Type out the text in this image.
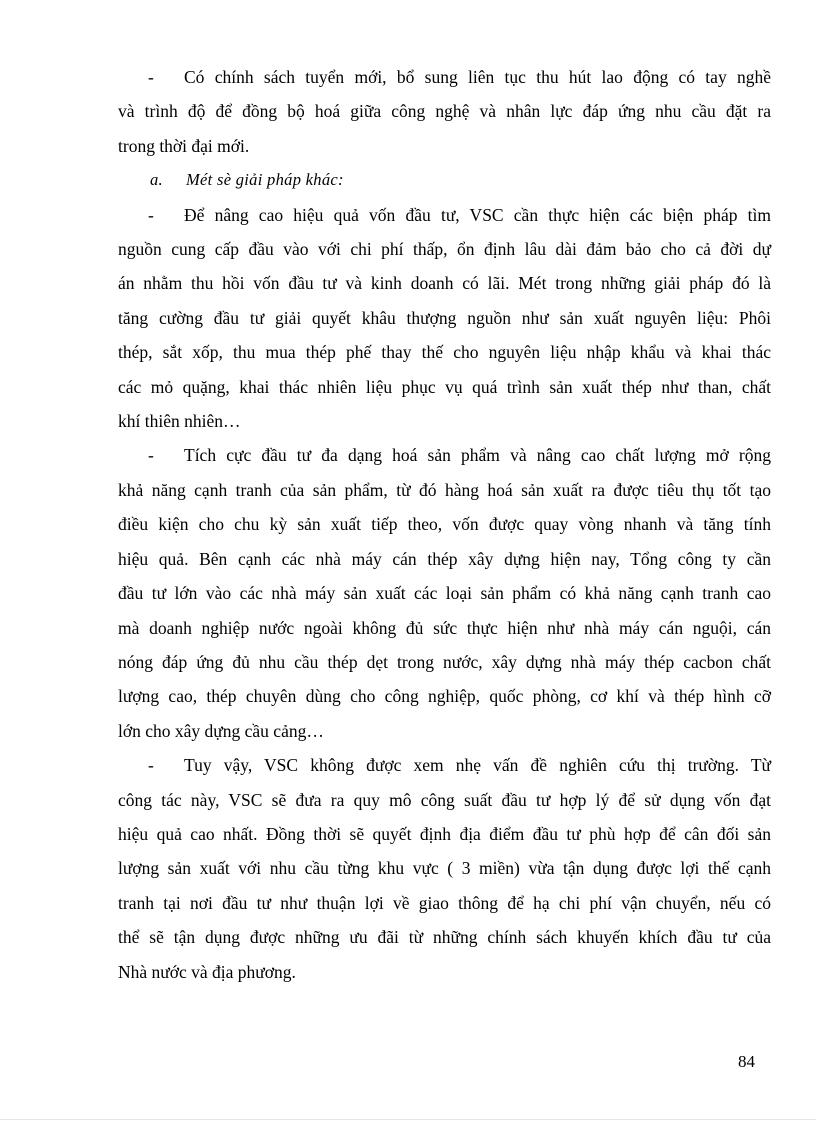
- Có chính sách tuyển mới, bổ sung liên tục thu hút lao động có tay nghề
và trình độ để đồng bộ hoá giữa công nghệ và nhân lực đáp ứng nhu cầu đặt ra
trong thời đại mới.
a. Mét sè giải pháp khác:
- Để nâng cao hiệu quả vốn đầu tư, VSC cần thực hiện các biện pháp tìm
nguồn cung cấp đầu vào với chi phí thấp, ổn định lâu dài đảm bảo cho cả đời dự
án nhằm thu hồi vốn đầu tư và kinh doanh có lãi. Mét trong những giải pháp đó là
tăng cường đầu tư giải quyết khâu thượng nguồn như sản xuất nguyên liệu: Phôi
thép, sắt xốp, thu mua thép phế thay thế cho nguyên liệu nhập khẩu và khai thác
các mỏ quặng, khai thác nhiên liệu phục vụ quá trình sản xuất thép như than, chất
khí thiên nhiên…
- Tích cực đầu tư đa dạng hoá sản phẩm và nâng cao chất lượng mở rộng
khả năng cạnh tranh của sản phẩm, từ đó hàng hoá sản xuất ra được tiêu thụ tốt tạo
điều kiện cho chu kỳ sản xuất tiếp theo, vốn được quay vòng nhanh và tăng tính
hiệu quả. Bên cạnh các nhà máy cán thép xây dựng hiện nay, Tổng công ty cần
đầu tư lớn vào các nhà máy sản xuất các loại sản phẩm có khả năng cạnh tranh cao
mà doanh nghiệp nước ngoài không đủ sức thực hiện như nhà máy cán nguội, cán
nóng đáp ứng đủ nhu cầu thép dẹt trong nước, xây dựng nhà máy thép cacbon chất
lượng cao, thép chuyên dùng cho công nghiệp, quốc phòng, cơ khí và thép hình cỡ
lớn cho xây dựng cầu cảng…
- Tuy vậy, VSC không được xem nhẹ vấn đề nghiên cứu thị trường. Từ
công tác này, VSC sẽ đưa ra quy mô công suất đầu tư hợp lý để sử dụng vốn đạt
hiệu quả cao nhất. Đồng thời sẽ quyết định địa điểm đầu tư phù hợp để cân đối sản
lượng sản xuất với nhu cầu từng khu vực ( 3 miền) vừa tận dụng được lợi thế cạnh
tranh tại nơi đầu tư như thuận lợi về giao thông để hạ chi phí vận chuyển, nếu có
thể sẽ tận dụng được những ưu đãi từ những chính sách khuyến khích đầu tư của
Nhà nước và địa phương.
84
